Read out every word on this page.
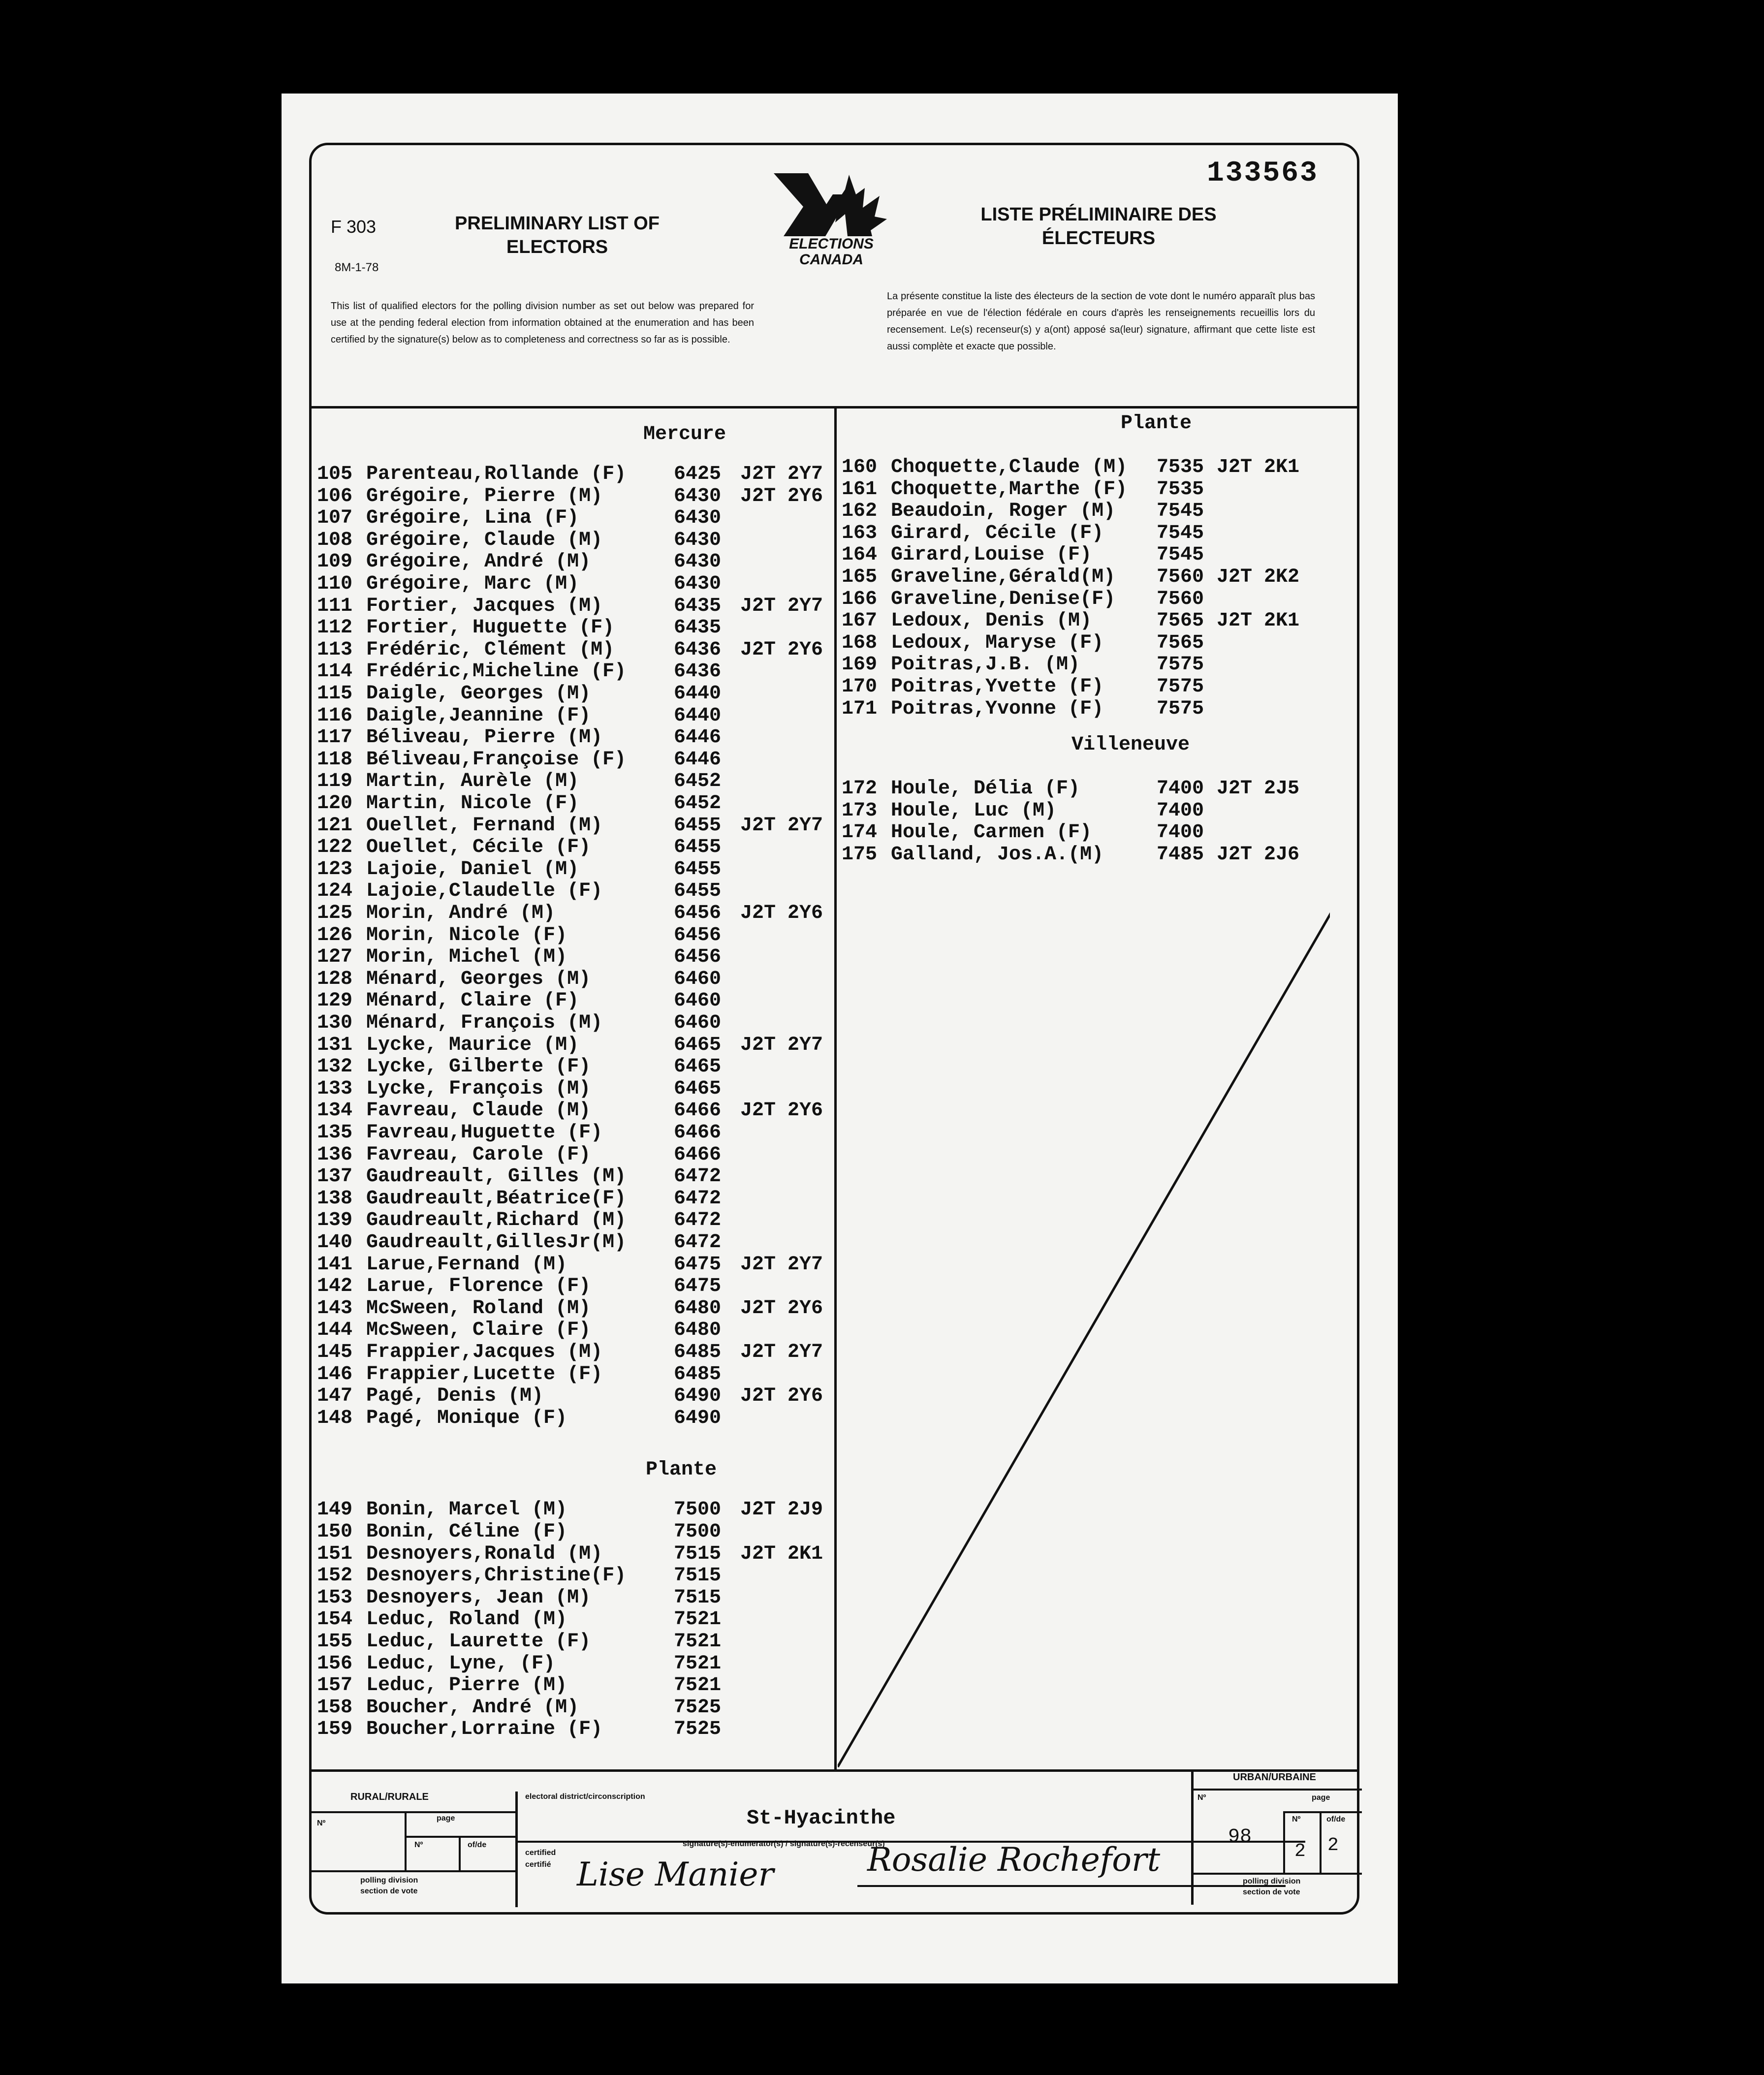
133563
F 303
8M-1-78
PRELIMINARY LIST OF
ELECTORS	ELECTIONS
CANADA
LISTE PRÉLIMINAIRE DES
ÉLECTEURS
This list of qualified electors for the polling division number as set out below was prepared for use at the pending federal election from information obtained at the enumeration and has been certified by the signature(s) below as to completeness and correctness so far as is possible.
La présente constitue la liste des électeurs de la section de vote dont le numéro apparaît plus bas préparée en vue de l'élection fédérale en cours d'après les renseignements recueillis lors du recensement. Le(s) recenseur(s) y a(ont) apposé sa(leur) signature, affirmant que cette liste est aussi complète et exacte que possible.
Mercure
105 Parenteau,Rollande (F) 6425 J2T 2Y7
106 Grégoire, Pierre (M)	6430 J2T 2Y6
107 Grégoire, Lina (F)	6430
108 Grégoire, Claude (M)	6430
109 Grégoire, André (M)	6430
110 Grégoire, Marc (M)	6430
111 Fortier, Jacques (M)	6435 J2T 2Y7
112 Fortier, Huguette (F)	6435
113 Frédéric, Clément (M)	6436 J2T 2Y6
114 Frédéric,Micheline (F) 6436
115 Daigle, Georges (M)	6440
116 Daigle,Jeannine (F)	6440
117 Béliveau, Pierre (M)	6446
118 Béliveau,Françoise (F) 6446
119 Martin, Aurèle (M)	6452
120 Martin, Nicole (F)	6452
121 Ouellet, Fernand (M)	6455 J2T 2Y7
122 Ouellet, Cécile (F)	6455
123 Lajoie, Daniel (M)	6455
124 Lajoie,Claudelle (F)	6455
125 Morin, André (M)	6456 J2T 2Y6
126 Morin, Nicole (F)	6456
127 Morin, Michel (M)	6456
128 Ménard, Georges (M)	6460
129 Ménard, Claire (F)	6460
130 Ménard, François (M)	6460
131 Lycke, Maurice (M)	6465 J2T 2Y7
132 Lycke, Gilberte (F)	6465
133 Lycke, François (M)	6465
134 Favreau, Claude (M)	6466 J2T 2Y6
135 Favreau,Huguette (F)	6466
136 Favreau, Carole (F)	6466
137 Gaudreault, Gilles (M) 6472
138 Gaudreault,Béatrice(F) 6472
139 Gaudreault,Richard (M) 6472
140 Gaudreault,GillesJr(M) 6472
141 Larue,Fernand (M)	6475 J2T 2Y7
142 Larue, Florence (F)	6475
143 McSween, Roland (M)	6480 J2T 2Y6
144 McSween, Claire (F)	6480
145 Frappier,Jacques (M)	6485 J2T 2Y7
146 Frappier,Lucette (F)	6485
147 Pagé, Denis (M)	6490 J2T 2Y6
148 Pagé, Monique (F)	6490
Plante
149 Bonin, Marcel (M)	7500 J2T 2J9
150 Bonin, Céline (F)	7500
151 Desnoyers,Ronald (M)	7515 J2T 2K1
152 Desnoyers,Christine(F) 7515
153 Desnoyers, Jean (M)	7515
154 Leduc, Roland (M)	7521
155 Leduc, Laurette (F)	7521
156 Leduc, Lyne, (F)	7521
157 Leduc, Pierre (M)	7521
158 Boucher, André (M)	7525
159 Boucher,Lorraine (F)	7525
Plante
160 Choquette,Claude (M) 7535 J2T 2K1
161 Choquette,Marthe (F) 7535
162 Beaudoin, Roger (M) 7545
163 Girard, Cécile (F)	7545
164 Girard,Louise (F)	7545
165 Graveline,Gérald(M) 7560 J2T 2K2
166 Graveline,Denise(F) 7560
167 Ledoux, Denis (M)	7565 J2T 2K1
168 Ledoux, Maryse (F)	7565
169 Poitras,J.B. (M)	7575
170 Poitras,Yvette (F)	7575
171 Poitras,Yvonne (F)	7575
Villeneuve
172 Houle, Délia (F)	7400 J2T 2J5
173 Houle, Luc (M)	7400
174 Houle, Carmen (F)	7400
175 Galland, Jos.A.(M)	7485 J2T 2J6
RURAL/RURALE
Nº
page
Nº	of/de
polling division
section de vote
electoral district/circonscription
St-Hyacinthe
certified
certifié
signature(s)-enumerator(s) / signature(s)-recenseur(s)
Lise Manier	Rosalie Rochefort
URBAN/URBAINE
Nº
98
page
Nº	of/de
2 2
polling division
section de vote
